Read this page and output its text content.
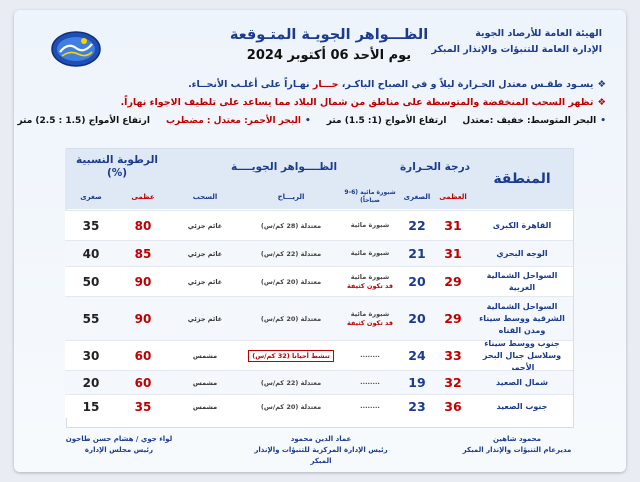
الهيئة العامة للأرصاد الجوية
الإدارة العامة للتنبؤات والإنذار المبكر
الظـــواهر الجويـة المتـوقعة
يوم الأحد 06 أكتوبر 2024
❖يسـود طقـس معتدل الحـرارة ليلاً و في الصباح الباكـر، حـــار نهـاراً على أغلـب الأنحــاء.
❖تظهر السحب المنخفضة والمتوسطة على مناطق من شمال البلاد مما يساعد على تلطيف الاجواء نهاراً.
•البحر المتوسط: خفيف :معتدلارتفاع الأمواج (1: 1.5) متر•البحر الأحمر: معتدل : مضطربارتفاع الأمواج (1.5 : 2.5) متر
المنطقة
درجة الحـرارة
العظمى
الصغرى
الظــــواهر الجويــــة
شبورة مائية (6-9 صباحاً)
الريـــاح
السحب
الرطوبة النسبية (%)
عظمى
صغرى
القاهرة الكبرى
31
22
شبورة مائية
معتدلة (28 كم/س)
غائم جزئي
80
35
الوجه البحري
31
21
شبورة مائية
معتدلة (22 كم/س)
غائم جزئي
85
40
السواحل الشمالية الغربية
29
20
شبورة مائية
قد تكون كثيفة
معتدلة (20 كم/س)
غائم جزئي
90
50
السواحل الشمالية الشرقية ووسط سيناء ومدن القناه
29
20
شبورة مائية
قد تكون كثيفة
معتدلة (20 كم/س)
غائم جزئي
90
55
جنوب ووسط سيناء وسلاسل جبال البحر الأحمر
33
24
........
تنشط أحيانا (32 كم/س)
مشمس
60
30
شمال الصعيد
32
19
........
معتدلة (22 كم/س)
مشمس
60
20
جنوب الصعيد
36
23
........
معتدلة (20 كم/س)
مشمس
35
15
محمود شاهين
مديرعام التنبؤات والإنذار المبكر
عماد الدين محمود
رئيس الإدارة المركزية للتنبؤات والإنذار المبكر
لواء جوي / هشام حسن طاحون
رئيس مجلس الإدارة
